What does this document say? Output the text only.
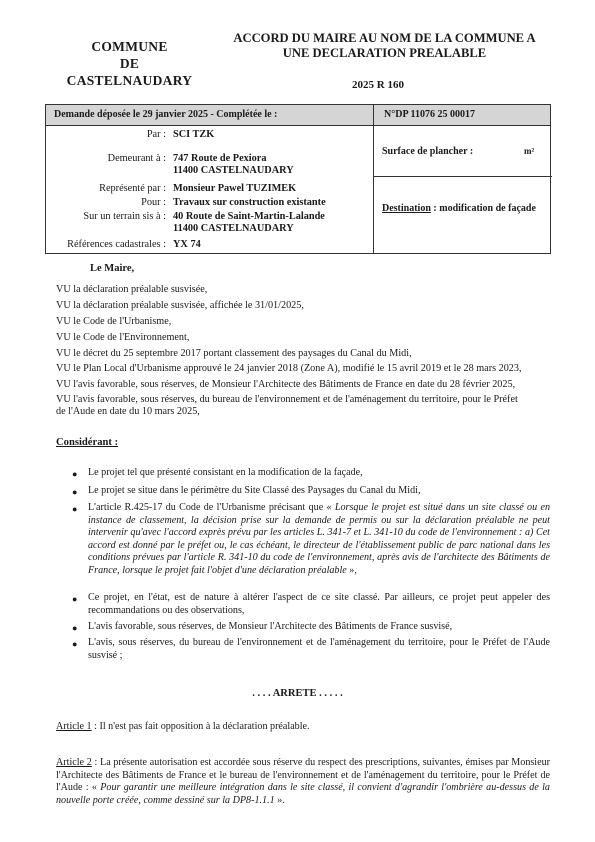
COMMUNE
DE
CASTELNAUDARY
ACCORD DU MAIRE AU NOM DE LA COMMUNE A
UNE DECLARATION PREALABLE
2025 R 160
Demande déposée le 29 janvier 2025 - Complétée le :	N°DP 11076 25 00017
Par : SCI TZK
Demeurant à : 747 Route de Pexiora
11400 CASTELNAUDARY
Représenté par : Monsieur Pawel TUZIMEK
Pour : Travaux sur construction existante
Sur un terrain sis à : 40 Route de Saint-Martin-Lalande
11400 CASTELNAUDARY
Références cadastrales : YX 74
Surface de plancher :	m²
Destination : modification de façade
Le Maire,
VU la déclaration préalable susvisée,
VU la déclaration préalable susvisée, affichée le 31/01/2025,
VU le Code de l'Urbanisme,
VU le Code de l'Environnement,
VU le décret du 25 septembre 2017 portant classement des paysages du Canal du Midi,
VU le Plan Local d'Urbanisme approuvé le 24 janvier 2018 (Zone A), modifié le 15 avril 2019 et le 28 mars 2023,
VU l'avis favorable, sous réserves, de Monsieur l'Architecte des Bâtiments de France en date du 28 février 2025,
VU l'avis favorable, sous réserves, du bureau de l'environnement et de l'aménagement du territoire, pour le Préfet
de l'Aude en date du 10 mars 2025,
Considérant :
●	Le projet tel que présenté consistant en la modification de la façade,
●	Le projet se situe dans le périmètre du Site Classé des Paysages du Canal du Midi,
●	L'article R.425-17 du Code de l'Urbanisme précisant que « Lorsque le projet est situé dans un site classé ou en instance de classement, la décision prise sur la demande de permis ou sur la déclaration préalable ne peut intervenir qu'avec l'accord exprès prévu par les articles L. 341-7 et L. 341-10 du code de l'environnement : a) Cet accord est donné par le préfet ou, le cas échéant, le directeur de l'établissement public de parc national dans les conditions prévues par l'article R. 341-10 du code de l'environnement, après avis de l'architecte des Bâtiments de France, lorsque le projet fait l'objet d'une déclaration préalable »,
●	Ce projet, en l'état, est de nature à altérer l'aspect de ce site classé. Par ailleurs, ce projet peut appeler des recommandations ou des observations,
●	L'avis favorable, sous réserves, de Monsieur l'Architecte des Bâtiments de France susvisé,
●	L'avis, sous réserves, du bureau de l'environnement et de l'aménagement du territoire, pour le Préfet de l'Aude susvisé ;
. . . . ARRETE . . . . .
Article 1 : Il n'est pas fait opposition à la déclaration préalable.
Article 2 : La présente autorisation est accordée sous réserve du respect des prescriptions, suivantes, émises par Monsieur l'Architecte des Bâtiments de France et le bureau de l'environnement et de l'aménagement du territoire, pour le Préfet de l'Aude : « Pour garantir une meilleure intégration dans le site classé, il convient d'agrandir l'ombrière au-dessus de la nouvelle porte créée, comme dessiné sur la DP8-1.1.1 ».
